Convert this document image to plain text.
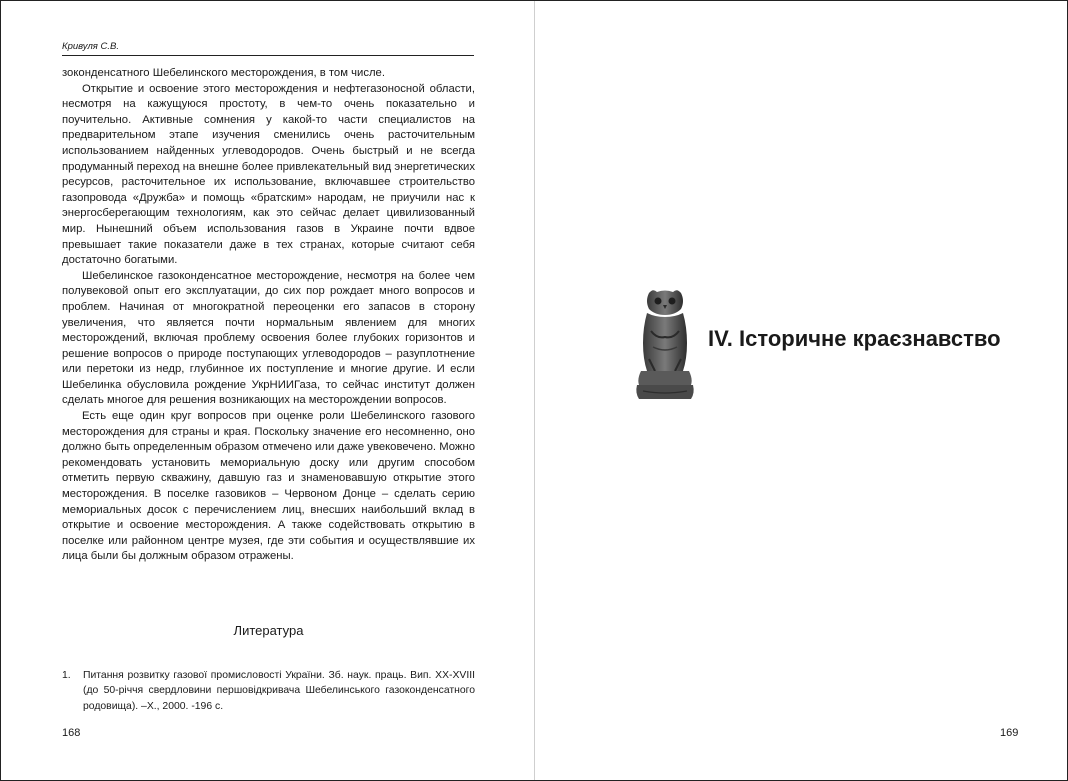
Кривуля С.В.

зоконденсатного Шебелинского месторождения, в том числе.

Открытие и освоение этого месторождения и нефтегазоносной области, несмотря на кажущуюся простоту, в чем-то очень показательно и поучительно. Активные сомнения у какой-то части специалистов на предварительном этапе изучения сменились очень расточительным использованием найденных углеводородов. Очень быстрый и не всегда продуманный переход на внешне более привлекательный вид энергетических ресурсов, расточительное их использование, включавшее строительство газопровода «Дружба» и помощь «братским» народам, не приучили нас к энергосберегающим технологиям, как это сейчас делает цивилизованный мир. Нынешний объем использования газов в Украине почти вдвое превышает такие показатели даже в тех странах, которые считают себя достаточно богатыми.

Шебелинское газоконденсатное месторождение, несмотря на более чем полувековой опыт его эксплуатации, до сих пор рождает много вопросов и проблем. Начиная от многократной переоценки его запасов в сторону увеличения, что является почти нормальным явлением для многих месторождений, включая проблему освоения более глубоких горизонтов и решение вопросов о природе поступающих углеводородов – разуплотнение или перетоки из недр, глубинное их поступление и многие другие. И если Шебелинка обусловила рождение УкрНИИГаза, то сейчас институт должен сделать многое для решения возникающих на месторождении вопросов.

Есть еще один круг вопросов при оценке роли Шебелинского газового месторождения для страны и края. Поскольку значение его несомненно, оно должно быть определенным образом отмечено или даже увековечено. Можно рекомендовать установить мемориальную доску или другим способом отметить первую скважину, давшую газ и знаменовавшую открытие этого месторождения. В поселке газовиков – Червоном Донце – сделать серию мемориальных досок с перечислением лиц, внесших наибольший вклад в открытие и освоение месторождения. А также содействовать открытию в поселке или районном центре музея, где эти события и осуществлявшие их лица были бы должным образом отражены.

Литература
1. Питання розвитку газової промисловості України. Зб. наук. праць. Вип. ХХ-ХVIII (до 50-річчя свердловини першовідкривача Шебелинського газоконденсатного родовища). –Х., 2000. -196 с.
168
IV. Історичне краєзнавство
169
